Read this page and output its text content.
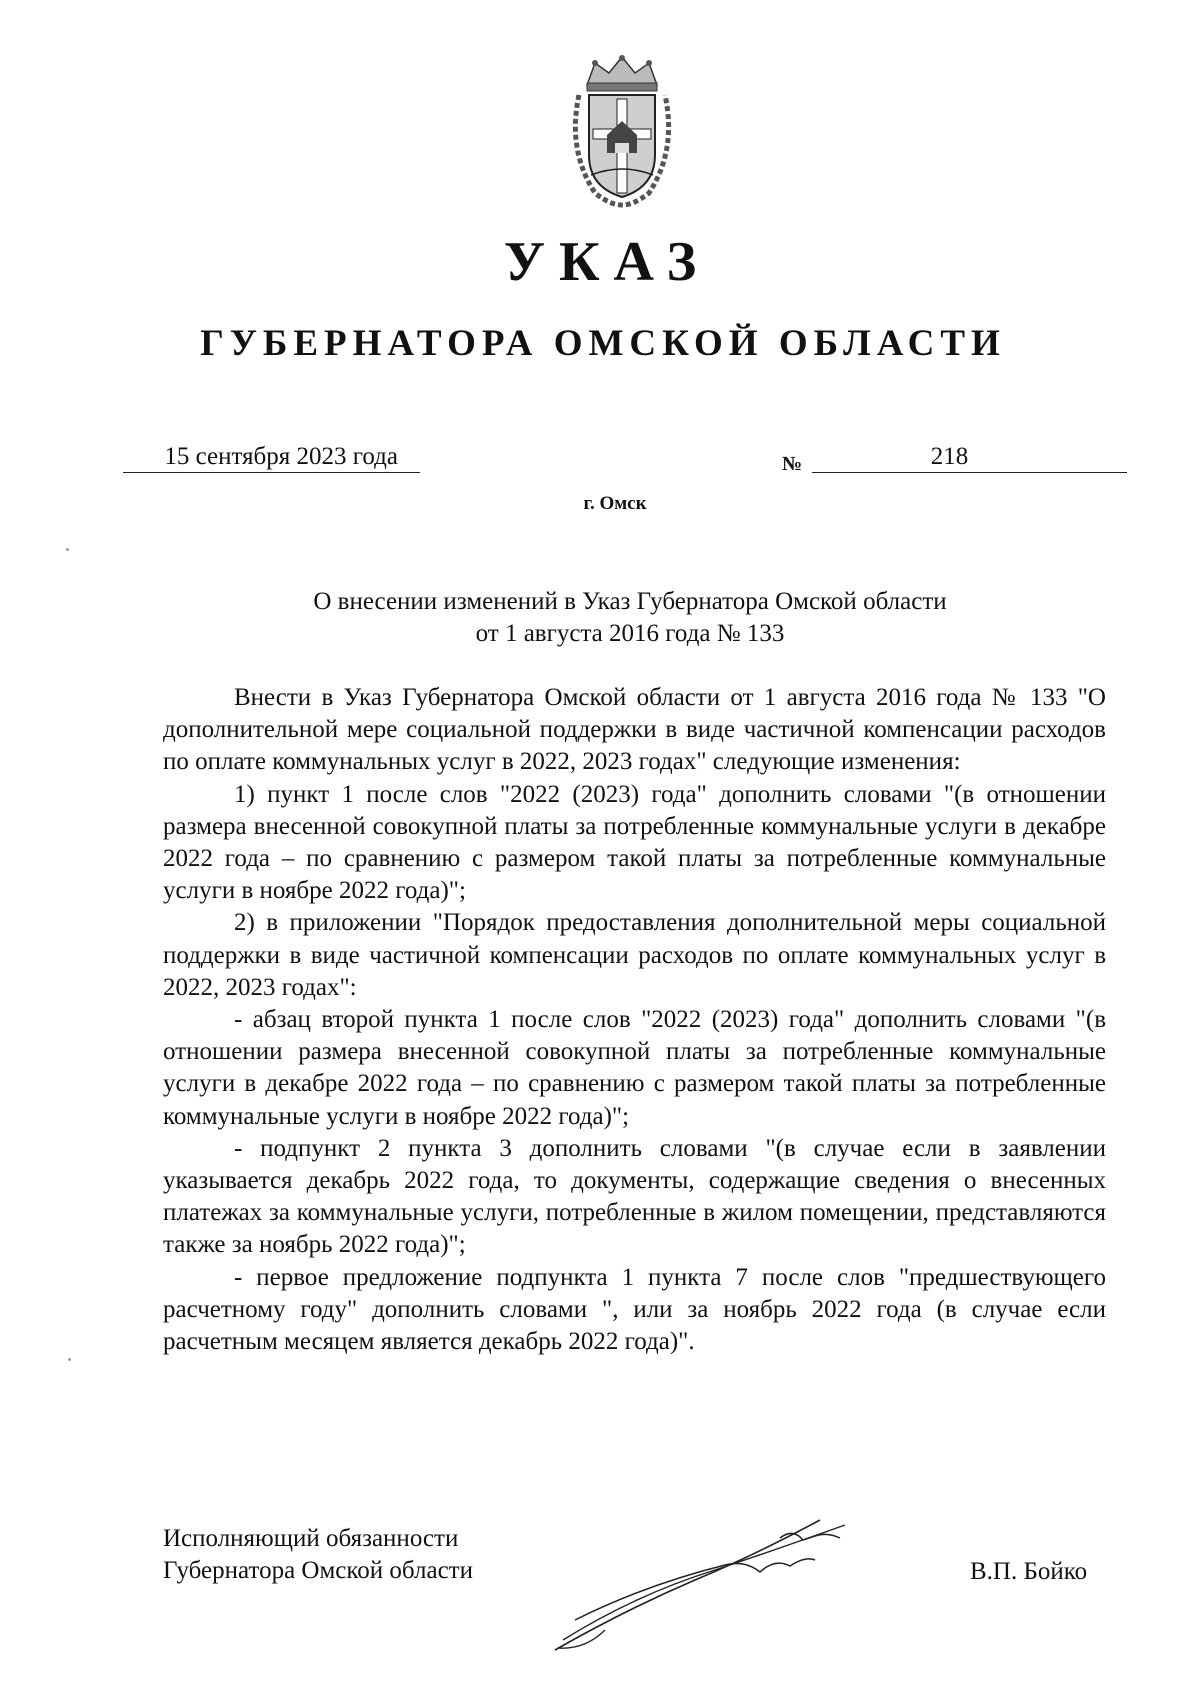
УКАЗ
ГУБЕРНАТОРА ОМСКОЙ ОБЛАСТИ
15 сентября 2023 года	№	218
г. Омск
О внесении изменений в Указ Губернатора Омской области
от 1 августа 2016 года № 133

Внести в Указ Губернатора Омской области от 1 августа 2016 года № 133 "О дополнительной мере социальной поддержки в виде частичной компенсации расходов по оплате коммунальных услуг в 2022, 2023 годах" следующие изменения:

1) пункт 1 после слов "2022 (2023) года" дополнить словами "(в отношении размера внесенной совокупной платы за потребленные коммунальные услуги в декабре 2022 года – по сравнению с размером такой платы за потребленные коммунальные услуги в ноябре 2022 года)";

2) в приложении "Порядок предоставления дополнительной меры социальной поддержки в виде частичной компенсации расходов по оплате коммунальных услуг в 2022, 2023 годах":

- абзац второй пункта 1 после слов "2022 (2023) года" дополнить словами "(в отношении размера внесенной совокупной платы за потребленные коммунальные услуги в декабре 2022 года – по сравнению с размером такой платы за потребленные коммунальные услуги в ноябре 2022 года)";

- подпункт 2 пункта 3 дополнить словами "(в случае если в заявлении указывается декабрь 2022 года, то документы, содержащие сведения о внесенных платежах за коммунальные услуги, потребленные в жилом помещении, представляются также за ноябрь 2022 года)";

- первое предложение подпункта 1 пункта 7 после слов "предшествующего расчетному году" дополнить словами ", или за ноябрь 2022 года (в случае если расчетным месяцем является декабрь 2022 года)".

Исполняющий обязанности
Губернатора Омской области	В.П. Бойко
